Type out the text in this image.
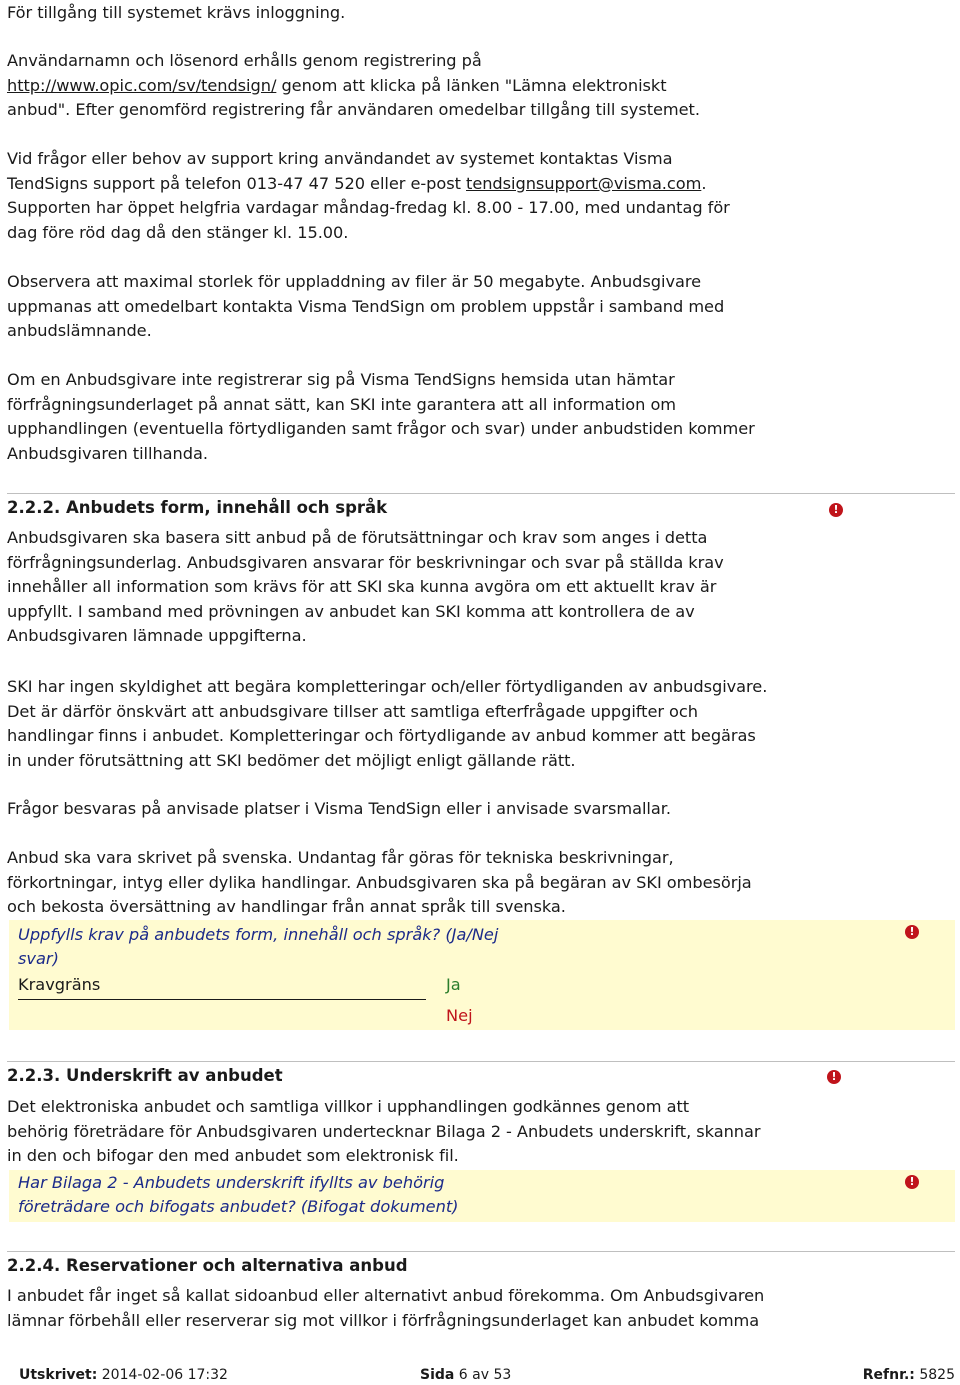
För tillgång till systemet krävs inloggning.

Användarnamn och lösenord erhålls genom registrering på
http://www.opic.com/sv/tendsign/ genom att klicka på länken "Lämna elektroniskt
anbud". Efter genomförd registrering får användaren omedelbar tillgång till systemet.

Vid frågor eller behov av support kring användandet av systemet kontaktas Visma
TendSigns support på telefon 013-47 47 520 eller e-post tendsignsupport@visma.com.
Supporten har öppet helgfria vardagar måndag-fredag kl. 8.00 - 17.00, med undantag för
dag före röd dag då den stänger kl. 15.00.

Observera att maximal storlek för uppladdning av filer är 50 megabyte. Anbudsgivare
uppmanas att omedelbart kontakta Visma TendSign om problem uppstår i samband med
anbudslämnande.

Om en Anbudsgivare inte registrerar sig på Visma TendSigns hemsida utan hämtar
förfrågningsunderlaget på annat sätt, kan SKI inte garantera att all information om
upphandlingen (eventuella förtydliganden samt frågor och svar) under anbudstiden kommer
Anbudsgivaren tillhanda.

2.2.2. Anbudets form, innehåll och språk	!

Anbudsgivaren ska basera sitt anbud på de förutsättningar och krav som anges i detta
förfrågningsunderlag. Anbudsgivaren ansvarar för beskrivningar och svar på ställda krav
innehåller all information som krävs för att SKI ska kunna avgöra om ett aktuellt krav är
uppfyllt. I samband med prövningen av anbudet kan SKI komma att kontrollera de av
Anbudsgivaren lämnade uppgifterna.

SKI har ingen skyldighet att begära kompletteringar och/eller förtydliganden av anbudsgivare.
Det är därför önskvärt att anbudsgivare tillser att samtliga efterfrågade uppgifter och
handlingar finns i anbudet. Kompletteringar och förtydligande av anbud kommer att begäras
in under förutsättning att SKI bedömer det möjligt enligt gällande rätt.

Frågor besvaras på anvisade platser i Visma TendSign eller i anvisade svarsmallar.

Anbud ska vara skrivet på svenska. Undantag får göras för tekniska beskrivningar,
förkortningar, intyg eller dylika handlingar. Anbudsgivaren ska på begäran av SKI ombesörja
och bekosta översättning av handlingar från annat språk till svenska.

Uppfylls krav på anbudets form, innehåll och språk? (Ja/Nej
svar)
Kravgräns	Ja
Nej
!
2.2.3. Underskrift av anbudet	!

Det elektroniska anbudet och samtliga villkor i upphandlingen godkännes genom att
behörig företrädare för Anbudsgivaren undertecknar Bilaga 2 - Anbudets underskrift, skannar
in den och bifogar den med anbudet som elektronisk fil.

Har Bilaga 2 - Anbudets underskrift ifyllts av behörig
företrädare och bifogats anbudet? (Bifogat dokument)
!
2.2.4. Reservationer och alternativa anbud

I anbudet får inget så kallat sidoanbud eller alternativt anbud förekomma. Om Anbudsgivaren
lämnar förbehåll eller reserverar sig mot villkor i förfrågningsunderlaget kan anbudet komma

Utskrivet: 2014-02-06 17:32	Sida 6 av 53	Refnr.: 5825
